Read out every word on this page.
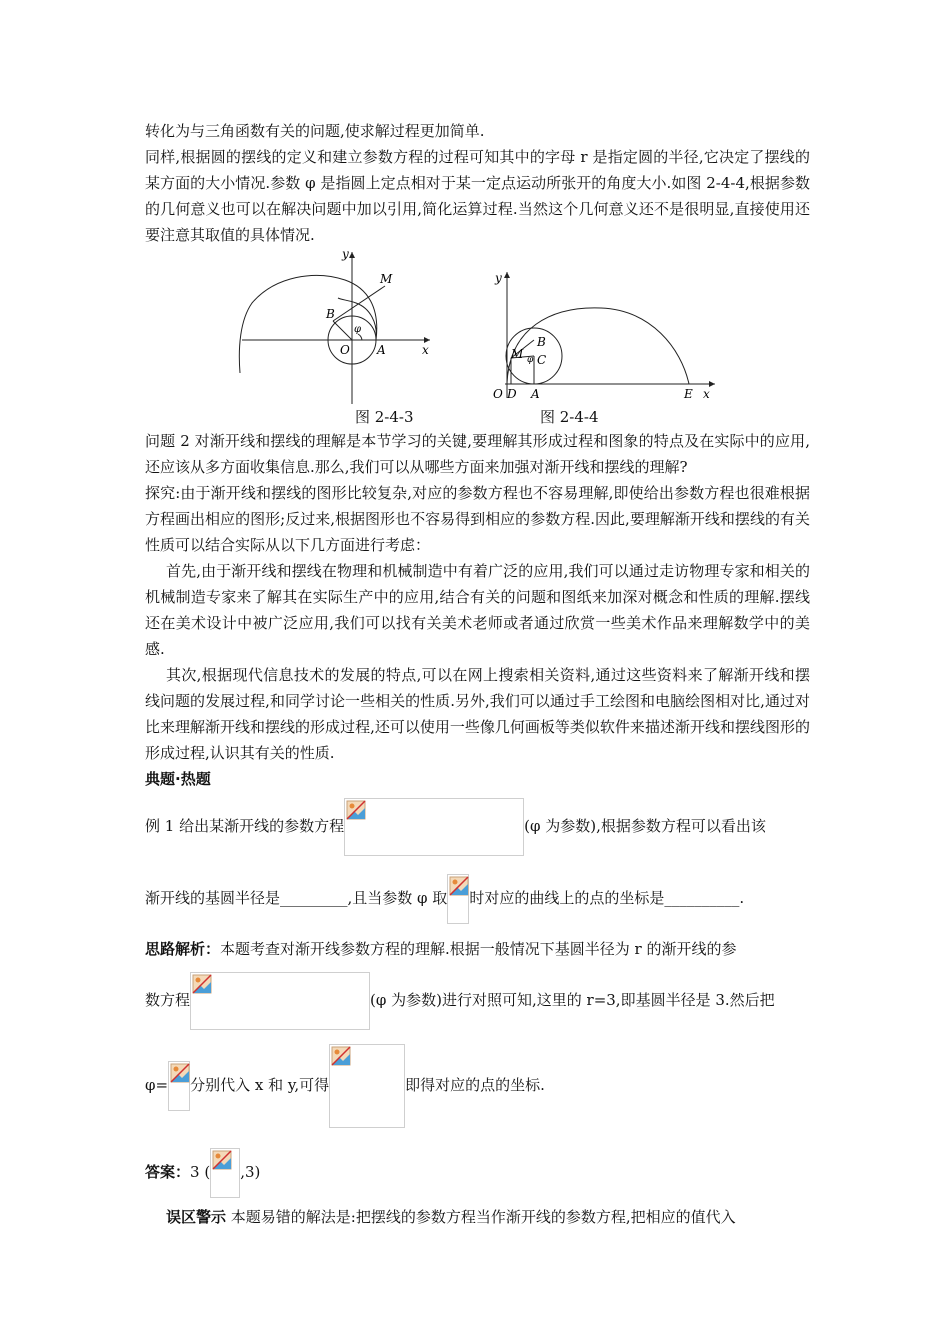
转化为与三角函数有关的问题,使求解过程更加简单.

同样,根据圆的摆线的定义和建立参数方程的过程可知其中的字母 r 是指定圆的半径,它决定了摆线的某方面的大小情况.参数 φ 是指圆上定点相对于某一定点运动所张开的角度大小.如图 2-4-4,根据参数的几何意义也可以在解决问题中加以引用,简化运算过程.当然这个几何意义还不是很明显,直接使用还要注意其取值的具体情况.

M
B
φ
O A	x
y
M
B
C
φ
O D A	E x
y
图 2-4-3	图 2-4-4

问题 2 对渐开线和摆线的理解是本节学习的关键,要理解其形成过程和图象的特点及在实际中的应用,还应该从多方面收集信息.那么,我们可以从哪些方面来加强对渐开线和摆线的理解?

探究:由于渐开线和摆线的图形比较复杂,对应的参数方程也不容易理解,即使给出参数方程也很难根据方程画出相应的图形;反过来,根据图形也不容易得到相应的参数方程.因此,要理解渐开线和摆线的有关性质可以结合实际从以下几方面进行考虑：

首先,由于渐开线和摆线在物理和机械制造中有着广泛的应用,我们可以通过走访物理专家和相关的机械制造专家来了解其在实际生产中的应用,结合有关的问题和图纸来加深对概念和性质的理解.摆线还在美术设计中被广泛应用,我们可以找有关美术老师或者通过欣赏一些美术作品来理解数学中的美感.

其次,根据现代信息技术的发展的特点,可以在网上搜索相关资料,通过这些资料来了解渐开线和摆线问题的发展过程,和同学讨论一些相关的性质.另外,我们可以通过手工绘图和电脑绘图相对比,通过对比来理解渐开线和摆线的形成过程,还可以使用一些像几何画板等类似软件来描述渐开线和摆线图形的形成过程,认识其有关的性质.

典题·热题

例 1 给出某渐开线的参数方程	(φ 为参数),根据参数方程可以看出该
渐开线的基圆半径是_________,且当参数 φ 取 时对应的曲线上的点的坐标是__________.

思路解析：本题考查对渐开线参数方程的理解.根据一般情况下基圆半径为 r 的渐开线的参

数方程	(φ 为参数)进行对照可知,这里的 r=3,即基圆半径是 3.然后把
φ= 分别代入 x 和 y,可得	即得对应的点的坐标.
答案：3 ( ,3)

误区警示 本题易错的解法是:把摆线的参数方程当作渐开线的参数方程,把相应的值代入
